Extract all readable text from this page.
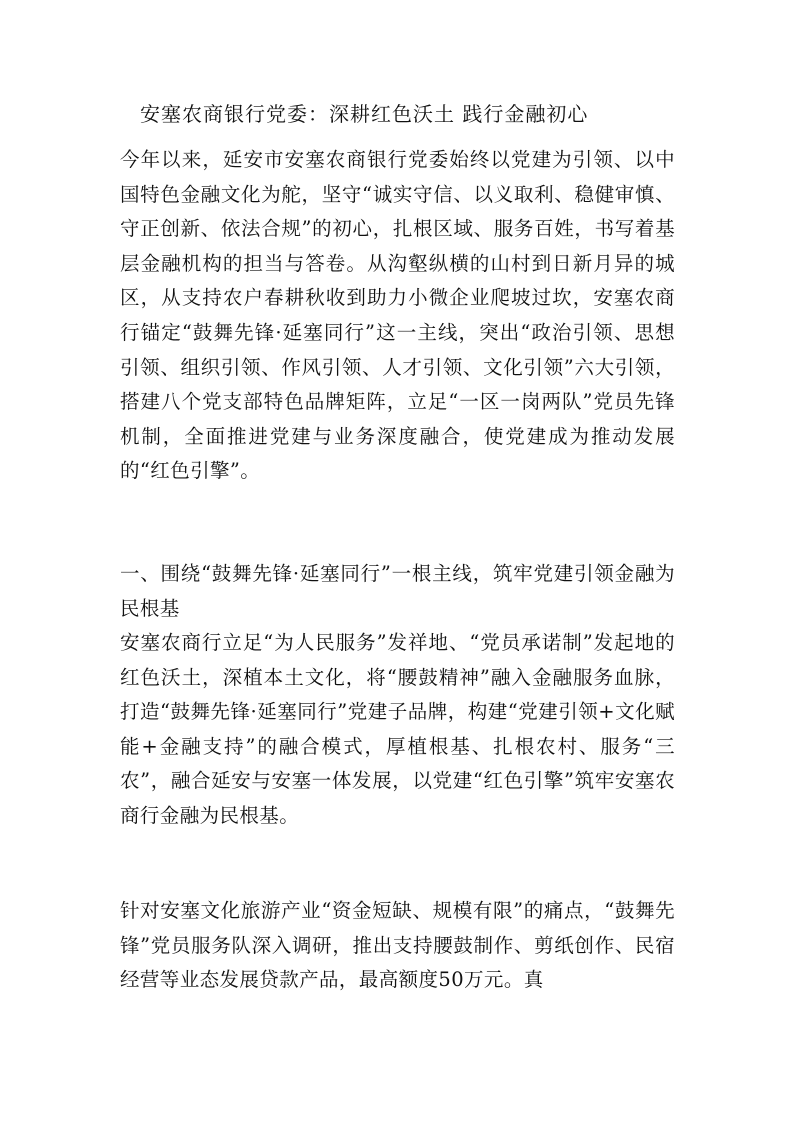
安塞农商银行党委：深耕红色沃土 践行金融初心

今年以来，延安市安塞农商银行党委始终以党建为引领、以中国特色金融文化为舵，坚守“诚实守信、以义取利、稳健审慎、守正创新、依法合规”的初心，扎根区域、服务百姓，书写着基层金融机构的担当与答卷。从沟壑纵横的山村到日新月异的城区，从支持农户春耕秋收到助力小微企业爬坡过坎，安塞农商行锚定“鼓舞先锋·延塞同行”这一主线，突出“政治引领、思想引领、组织引领、作风引领、人才引领、文化引领”六大引领，搭建八个党支部特色品牌矩阵，立足“一区一岗两队”党员先锋机制，全面推进党建与业务深度融合，使党建成为推动发展的“红色引擎”。

一、围绕“鼓舞先锋·延塞同行”一根主线，筑牢党建引领金融为民根基

安塞农商行立足“为人民服务”发祥地、“党员承诺制”发起地的红色沃土，深植本土文化，将“腰鼓精神”融入金融服务血脉，打造“鼓舞先锋·延塞同行”党建子品牌，构建“党建引领+文化赋能+金融支持”的融合模式，厚植根基、扎根农村、服务“三农”，融合延安与安塞一体发展，以党建“红色引擎”筑牢安塞农商行金融为民根基。

针对安塞文化旅游产业“资金短缺、规模有限”的痛点，“鼓舞先锋”党员服务队深入调研，推出支持腰鼓制作、剪纸创作、民宿经营等业态发展贷款产品，最高额度50万元。真
